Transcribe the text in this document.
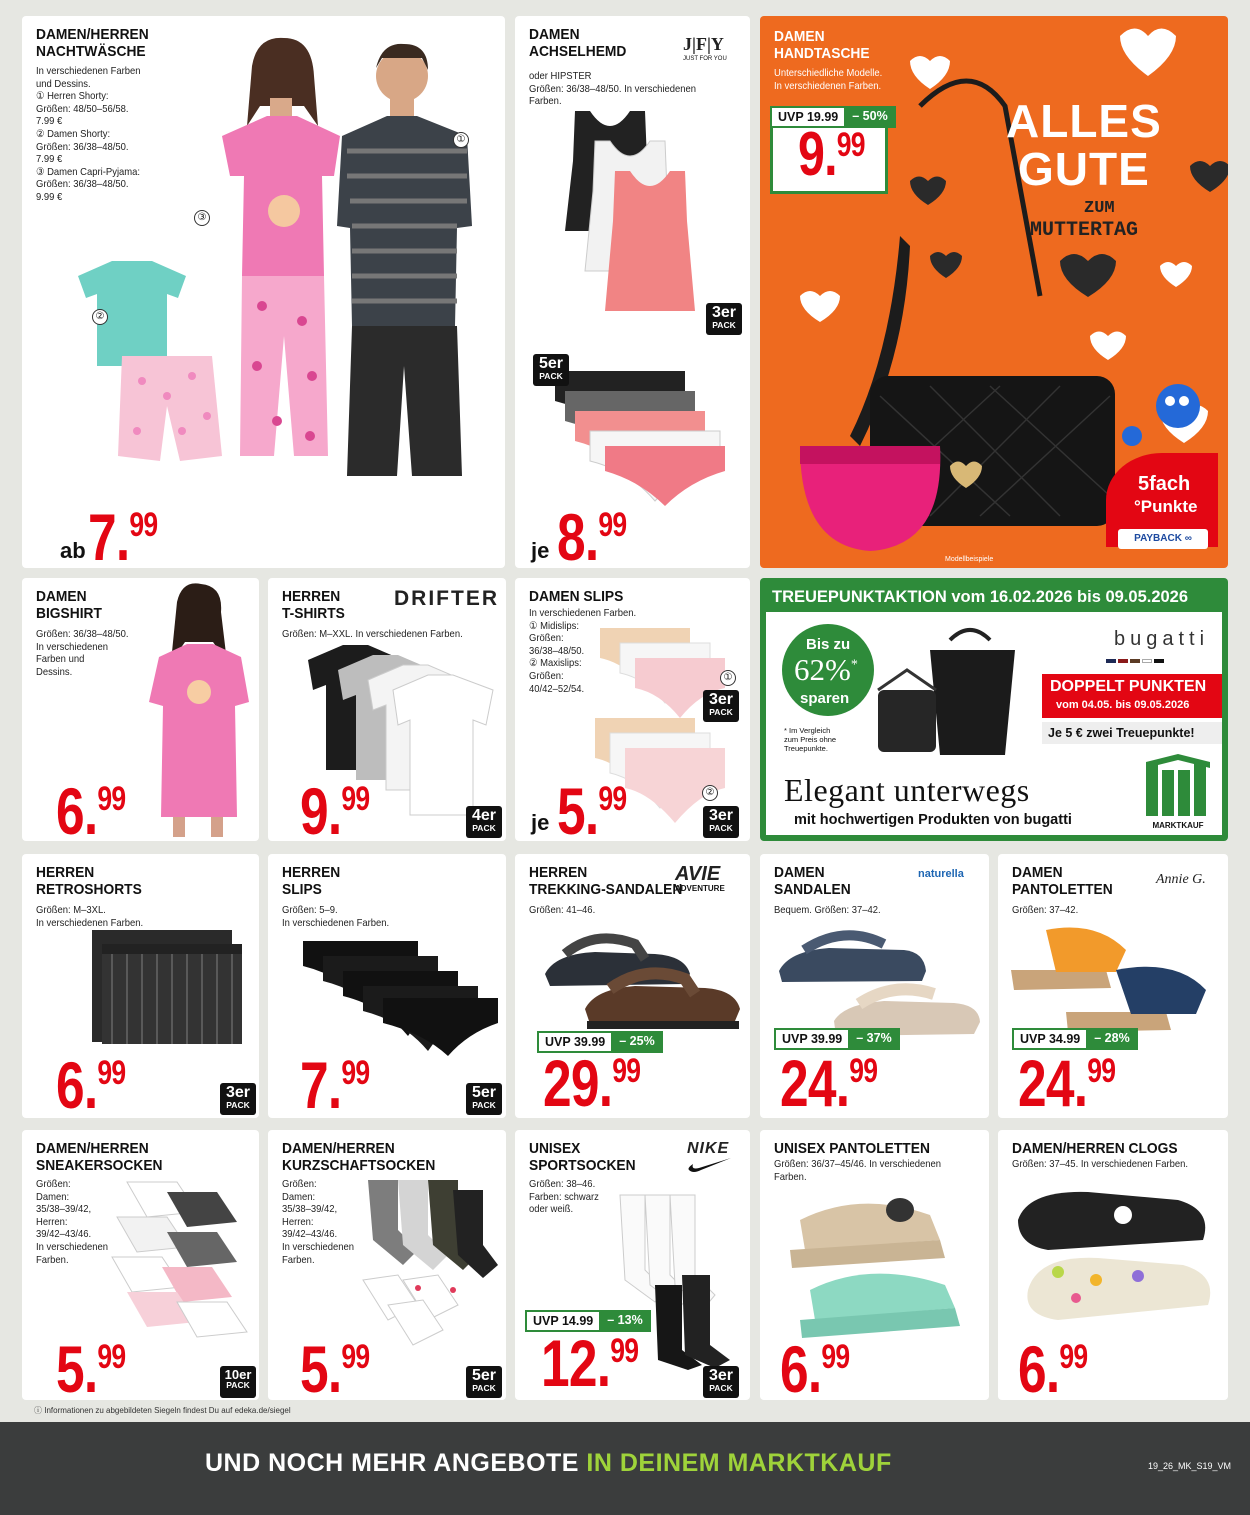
DAMEN/HERREN
NACHTWÄSCHE
In verschiedenen Farben
und Dessins.
① Herren Shorty:
Größen: 48/50–56/58.
7.99 €
② Damen Shorty:
Größen: 36/38–48/50.
7.99 €
③ Damen Capri-Pyjama:
Größen: 36/38–48/50.
9.99 €
①
②
③
ab 7.99
DAMEN
ACHSELHEMD
oder HIPSTER
Größen: 36/38–48/50. In verschiedenen Farben.
J|F|Y
JUST FOR YOU
3er
PACK
5er
PACK
je 8.99
DAMEN
HANDTASCHE
Unterschiedliche Modelle.
In verschiedenen Farben.
UVP 19.99	– 50%
9.99	ALLES
GUTE
ZUM
MUTTERTAG
5fach
°Punkte
PAYBACK ∞
Modellbeispiele
DAMEN
BIGSHIRT
Größen: 36/38–48/50.
In verschiedenen
Farben und
Dessins.
6.99
HERREN
T-SHIRTS
Größen: M–XXL. In verschiedenen Farben.
DRIFTER
4er
PACK
9.99
DAMEN SLIPS
In verschiedenen Farben.
① Midislips:
Größen:
36/38–48/50.
② Maxislips:
Größen:
40/42–52/54.
①
②
3er
PACK
3er
PACK
je 5.99
TREUEPUNKTAKTION vom 16.02.2026 bis 09.05.2026
Bis zu
62%*
sparen
* Im Vergleich
zum Preis ohne
Treuepunkte.
bugatti
DOPPELT PUNKTEN
vom 04.05. bis 09.05.2026
Je 5 € zwei Treuepunkte!
Elegant unterwegs
mit hochwertigen Produkten von bugatti	MARKTKAUF
HERREN
RETROSHORTS
Größen: M–3XL.
In verschiedenen Farben.
3er
PACK
6.99
HERREN
SLIPS
Größen: 5–9.
In verschiedenen Farben.
5er
PACK
7.99
HERREN
TREKKING-SANDALEN
Größen: 41–46.
AVIE
ADVENTURE
UVP 39.99	– 25%
29.99
DAMEN
SANDALEN
Bequem. Größen: 37–42.
naturella
UVP 39.99	– 37%
24.99
DAMEN
PANTOLETTEN
Größen: 37–42.
Annie G.
UVP 34.99	– 28%
24.99
DAMEN/HERREN
SNEAKERSOCKEN
Größen:
Damen:
35/38–39/42,
Herren:
39/42–43/46.
In verschiedenen
Farben.
10er
PACK
5.99
DAMEN/HERREN
KURZSCHAFTSOCKEN
Größen:
Damen:
35/38–39/42,
Herren:
39/42–43/46.
In verschiedenen
Farben.
5er
PACK
5.99
UNISEX
SPORTSOCKEN
Größen: 38–46.
Farben: schwarz
oder weiß.
NIKE
UVP 14.99	– 13%
3er
PACK
12.99
UNISEX PANTOLETTEN
Größen: 36/37–45/46. In verschiedenen Farben.
6.99
DAMEN/HERREN CLOGS
Größen: 37–45. In verschiedenen Farben.
6.99
ⓘ Informationen zu abgebildeten Siegeln findest Du auf edeka.de/siegel
UND NOCH MEHR ANGEBOTE IN DEINEM MARKTKAUF	19_26_MK_S19_VM
